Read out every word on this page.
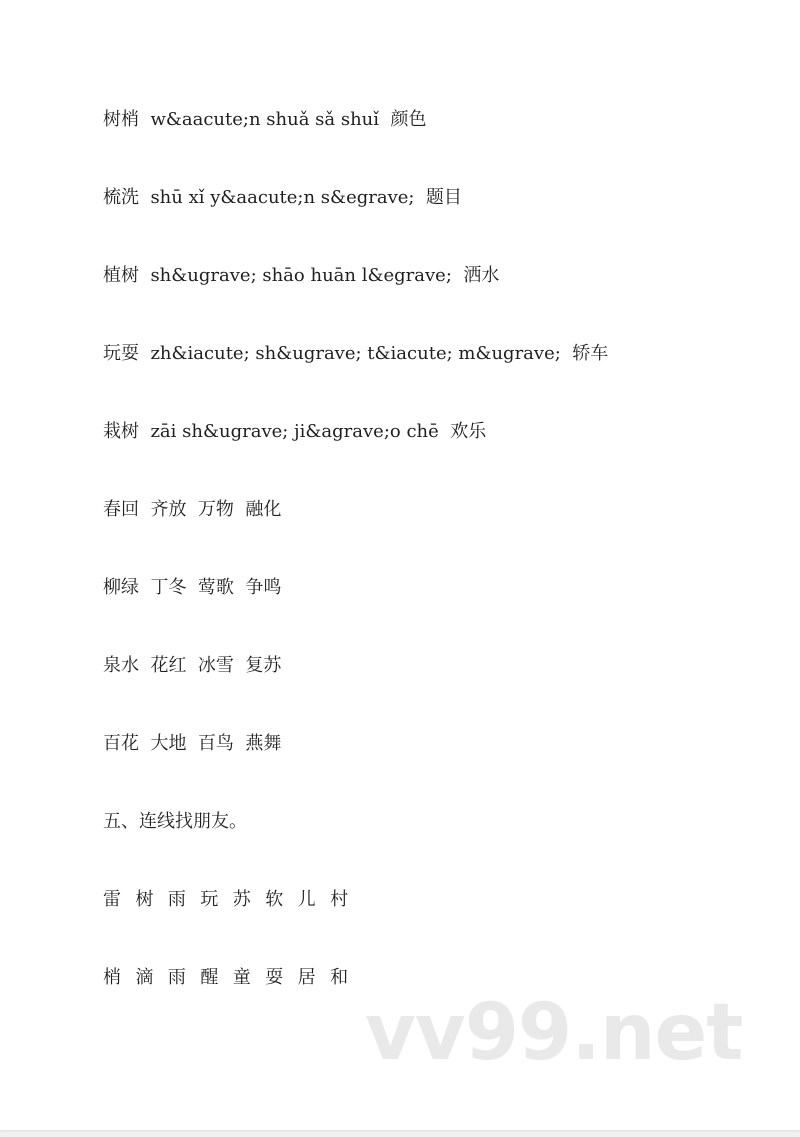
树梢  w&aacute;n shuǎ sǎ shuǐ  颜色
梳洗  shū xǐ y&aacute;n s&egrave;  题目
植树  sh&ugrave; shāo huān l&egrave;  洒水
玩耍  zh&iacute; sh&ugrave; t&iacute; m&ugrave;  轿车
栽树  zāi sh&ugrave; ji&agrave;o chē  欢乐
春回  齐放  万物  融化
柳绿  丁冬  莺歌  争鸣
泉水  花红  冰雪  复苏
百花  大地  百鸟  燕舞
五、连线找朋友。
雷  树  雨  玩  苏  软  儿  村
梢  滴  雨  醒  童  耍  居  和
vv99.net
